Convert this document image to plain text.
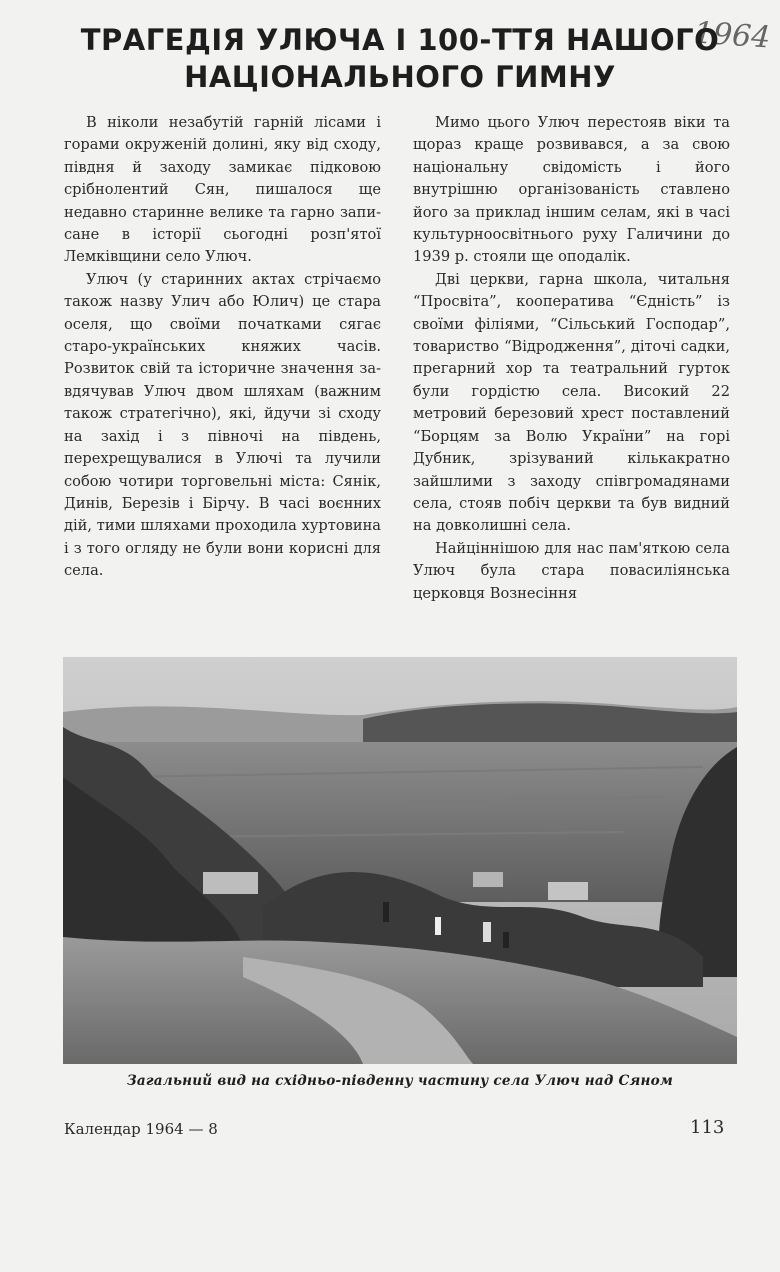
1964
ТРАГЕДІЯ УЛЮЧА І 100-ТТЯ НАШОГО
НАЦІОНАЛЬНОГО ГИМНУ

В ніколи незабутій гарній лісами і горами окруженій долині, яку від сходу, півдня й заходу замикає підковою срібнолентий Сян, пишалося ще недавно старинне велике та гарно записане в історії сьогодні розп'ятої Лемківщини село Улюч.

Улюч (у старинних актах стрічаємо також назву Улич або Юлич) це стара оселя, що своїми початками сягає старо-українських княжих часів. Розвиток свій та історичне значення завдячував Улюч двом шляхам (важним також стратегічно), які, йдучи зі сходу на захід і з півночі на південь, перехрещувалися в Улючі та лучили собою чотири торговельні міста: Сянік, Динів, Березів і Бірчу. В часі воєнних дій, тими шляхами проходила хуртовина і з того огляду не були вони корисні для села.

Мимо цього Улюч перестояв віки та щораз краще розвивався, а за свою національну свідомість і його внутрішню організованість ставлено його за приклад іншим селам, які в часі культурноосвітнього руху Галичини до 1939 р. стояли ще оподалік.

Дві церкви, гарна школа, читальня “Просвіта”, кооператива “Єдність” із своїми філіями, “Сільський Господар”, товариство “Відродження”, діточі садки, прегарний хор та театральний гурток були гордістю села. Високий 22 метровий березовий хрест поставлений “Борцям за Волю України” на горі Дубник, зрізуваний кількакратно зайшлими з заходу співгромадянами села, стояв побіч церкви та був видний на довколишні села.

Найціннішою для нас пам'яткою села Улюч була стара повасиліянська церковця Вознесіння

Загальний вид на східньо-південну частину села Улюч над Сяном
Календар 1964 — 8	113
